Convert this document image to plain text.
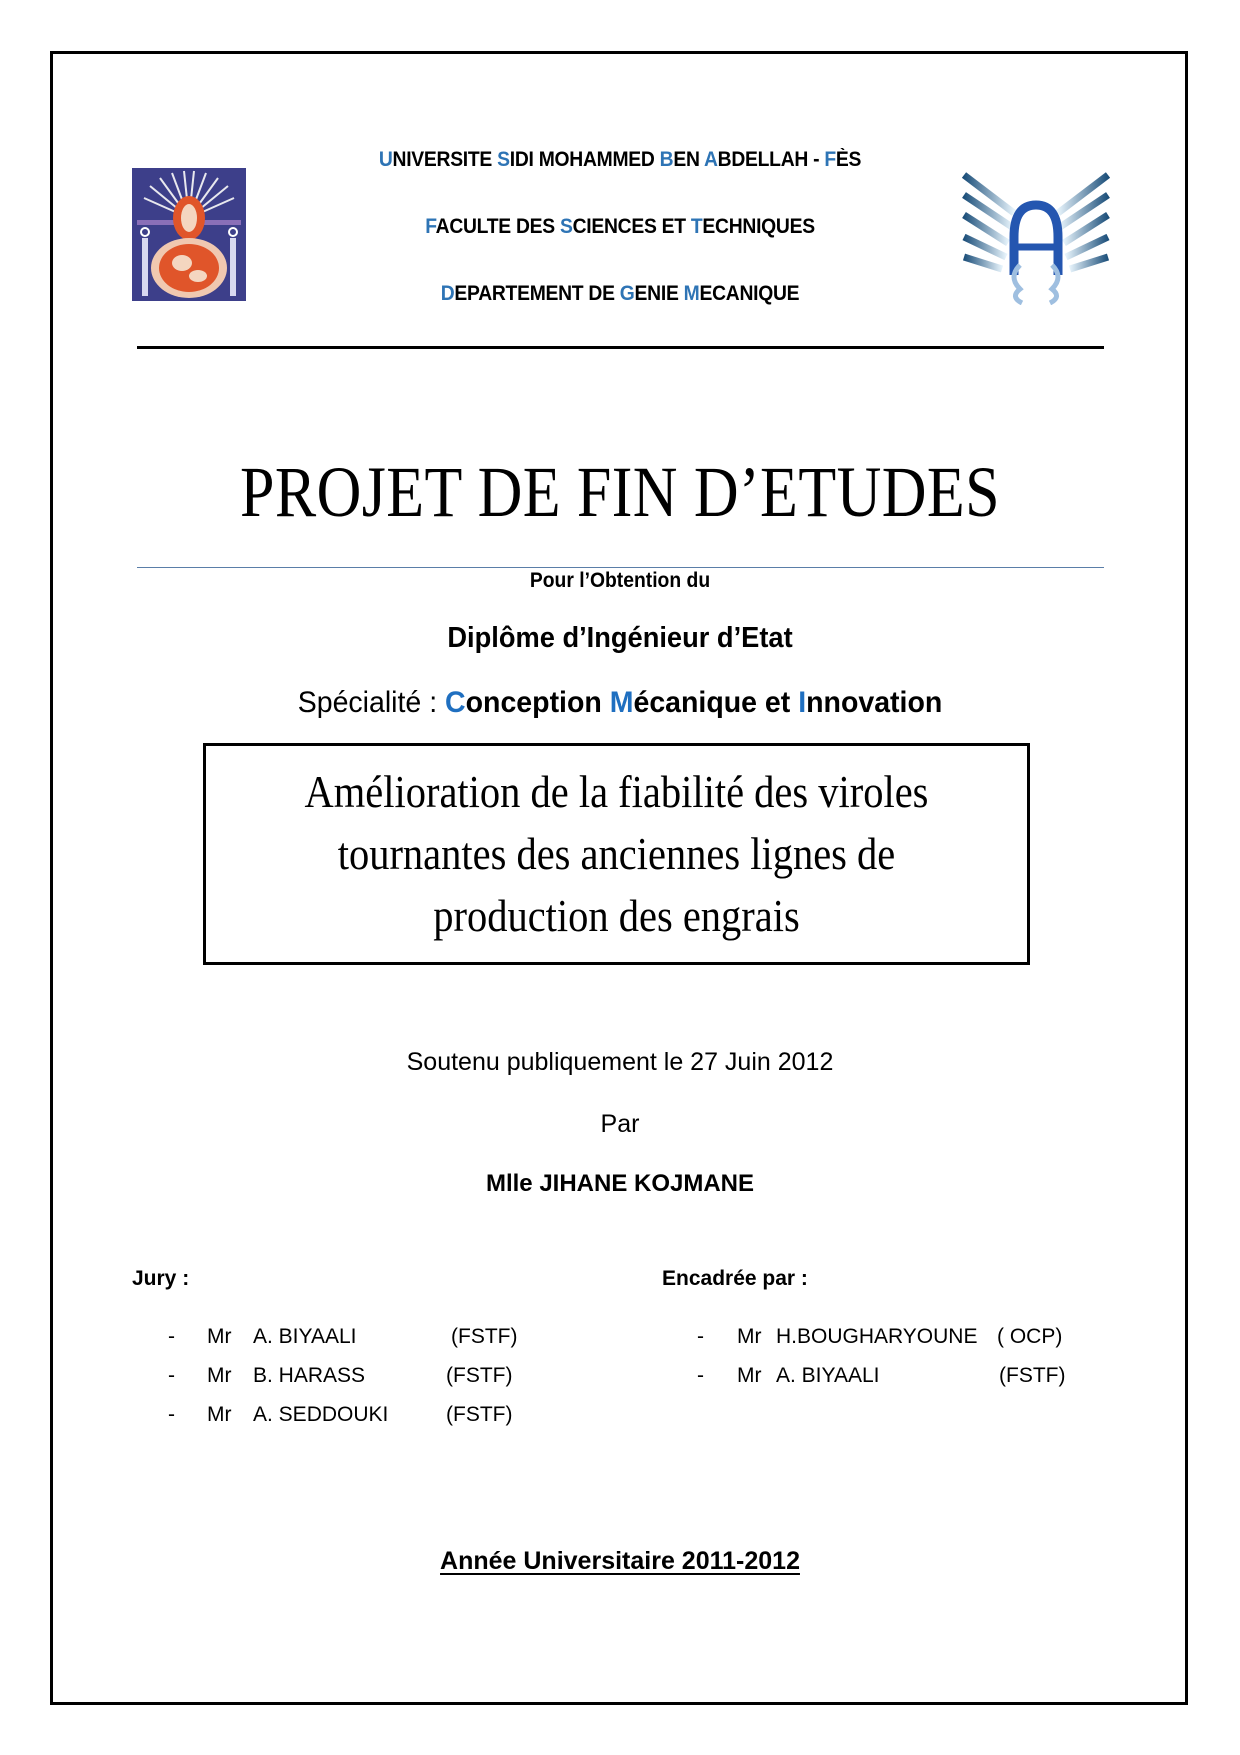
UNIVERSITE SIDI MOHAMMED BEN ABDELLAH - FÈS
FACULTE DES SCIENCES ET TECHNIQUES
DEPARTEMENT DE GENIE MECANIQUE
PROJET DE FIN D’ETUDES
Pour l’Obtention du
Diplôme d’Ingénieur d’Etat
Spécialité : Conception Mécanique et Innovation
Amélioration de la fiabilité des viroles
tournantes des anciennes lignes de
production des engrais
Soutenu publiquement le 27 Juin 2012
Par
Mlle JIHANE KOJMANE
Jury :
- Mr A. BIYAALI	(FSTF)
- Mr B. HARASS	(FSTF)
- Mr A. SEDDOUKI	(FSTF)
Encadrée par :
- Mr H.BOUGHARYOUNE ( OCP)
- Mr A. BIYAALI	(FSTF)
Année Universitaire 2011-2012
